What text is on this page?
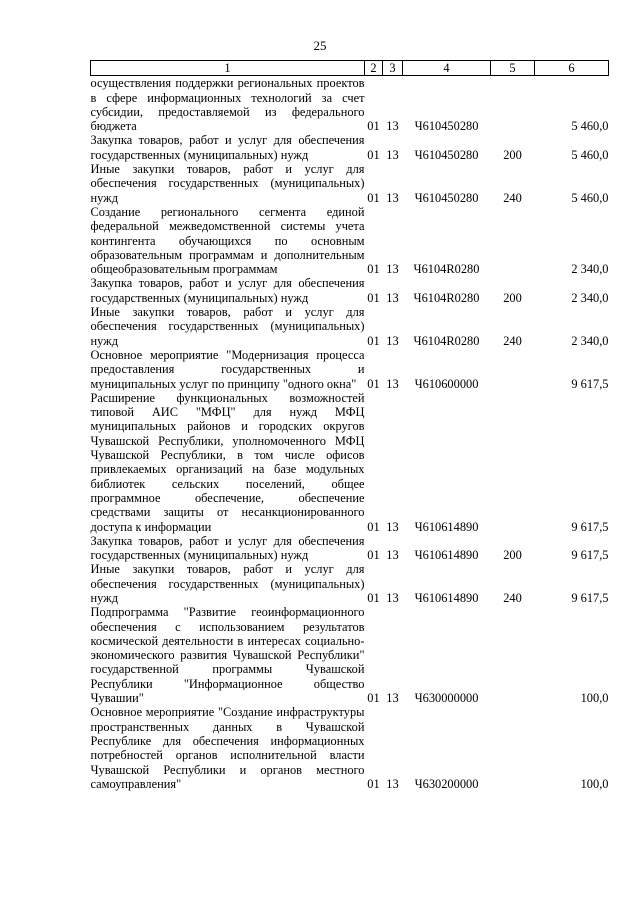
25
1	2	3	4	5	6
осуществления поддержки региональных проектов в сфере информационных технологий за счет субсидии, предоставляемой из федерального бюджета	01	13	Ч610450280		5 460,0
Закупка товаров, работ и услуг для обеспечения государственных (муниципальных) нужд	01	13	Ч610450280	200	5 460,0
Иные закупки товаров, работ и услуг для обеспечения государственных (муниципальных) нужд	01	13	Ч610450280	240	5 460,0
Создание регионального сегмента единой федеральной межведомственной системы учета контингента обучающихся по основным образовательным программам и дополнительным общеобразовательным программам	01	13	Ч6104R0280		2 340,0
Закупка товаров, работ и услуг для обеспечения государственных (муниципальных) нужд	01	13	Ч6104R0280	200	2 340,0
Иные закупки товаров, работ и услуг для обеспечения государственных (муниципальных) нужд	01	13	Ч6104R0280	240	2 340,0
Основное мероприятие "Модернизация процесса предоставления государственных и муниципальных услуг по принципу "одного окна"	01	13	Ч610600000		9 617,5
Расширение функциональных возможностей типовой АИС "МФЦ" для нужд МФЦ муниципальных районов и городских округов Чувашской Республики, уполномоченного МФЦ Чувашской Республики, в том числе офисов привлекаемых организаций на базе модульных библиотек сельских поселений, общее программное обеспечение, обеспечение средствами защиты от несанкционированного доступа к информации	01	13	Ч610614890		9 617,5
Закупка товаров, работ и услуг для обеспечения государственных (муниципальных) нужд	01	13	Ч610614890	200	9 617,5
Иные закупки товаров, работ и услуг для обеспечения государственных (муниципальных) нужд	01	13	Ч610614890	240	9 617,5
Подпрограмма "Развитие геоинформационного обеспечения с использованием результатов космической деятельности в интересах социально-экономического развития Чувашской Республики" государственной программы Чувашской Республики "Информационное общество Чувашии"	01	13	Ч630000000		100,0
Основное мероприятие "Создание инфраструктуры пространственных данных в Чувашской Республике для обеспечения информационных потребностей органов исполнительной власти Чувашской Республики и органов местного самоуправления"	01	13	Ч630200000		100,0
